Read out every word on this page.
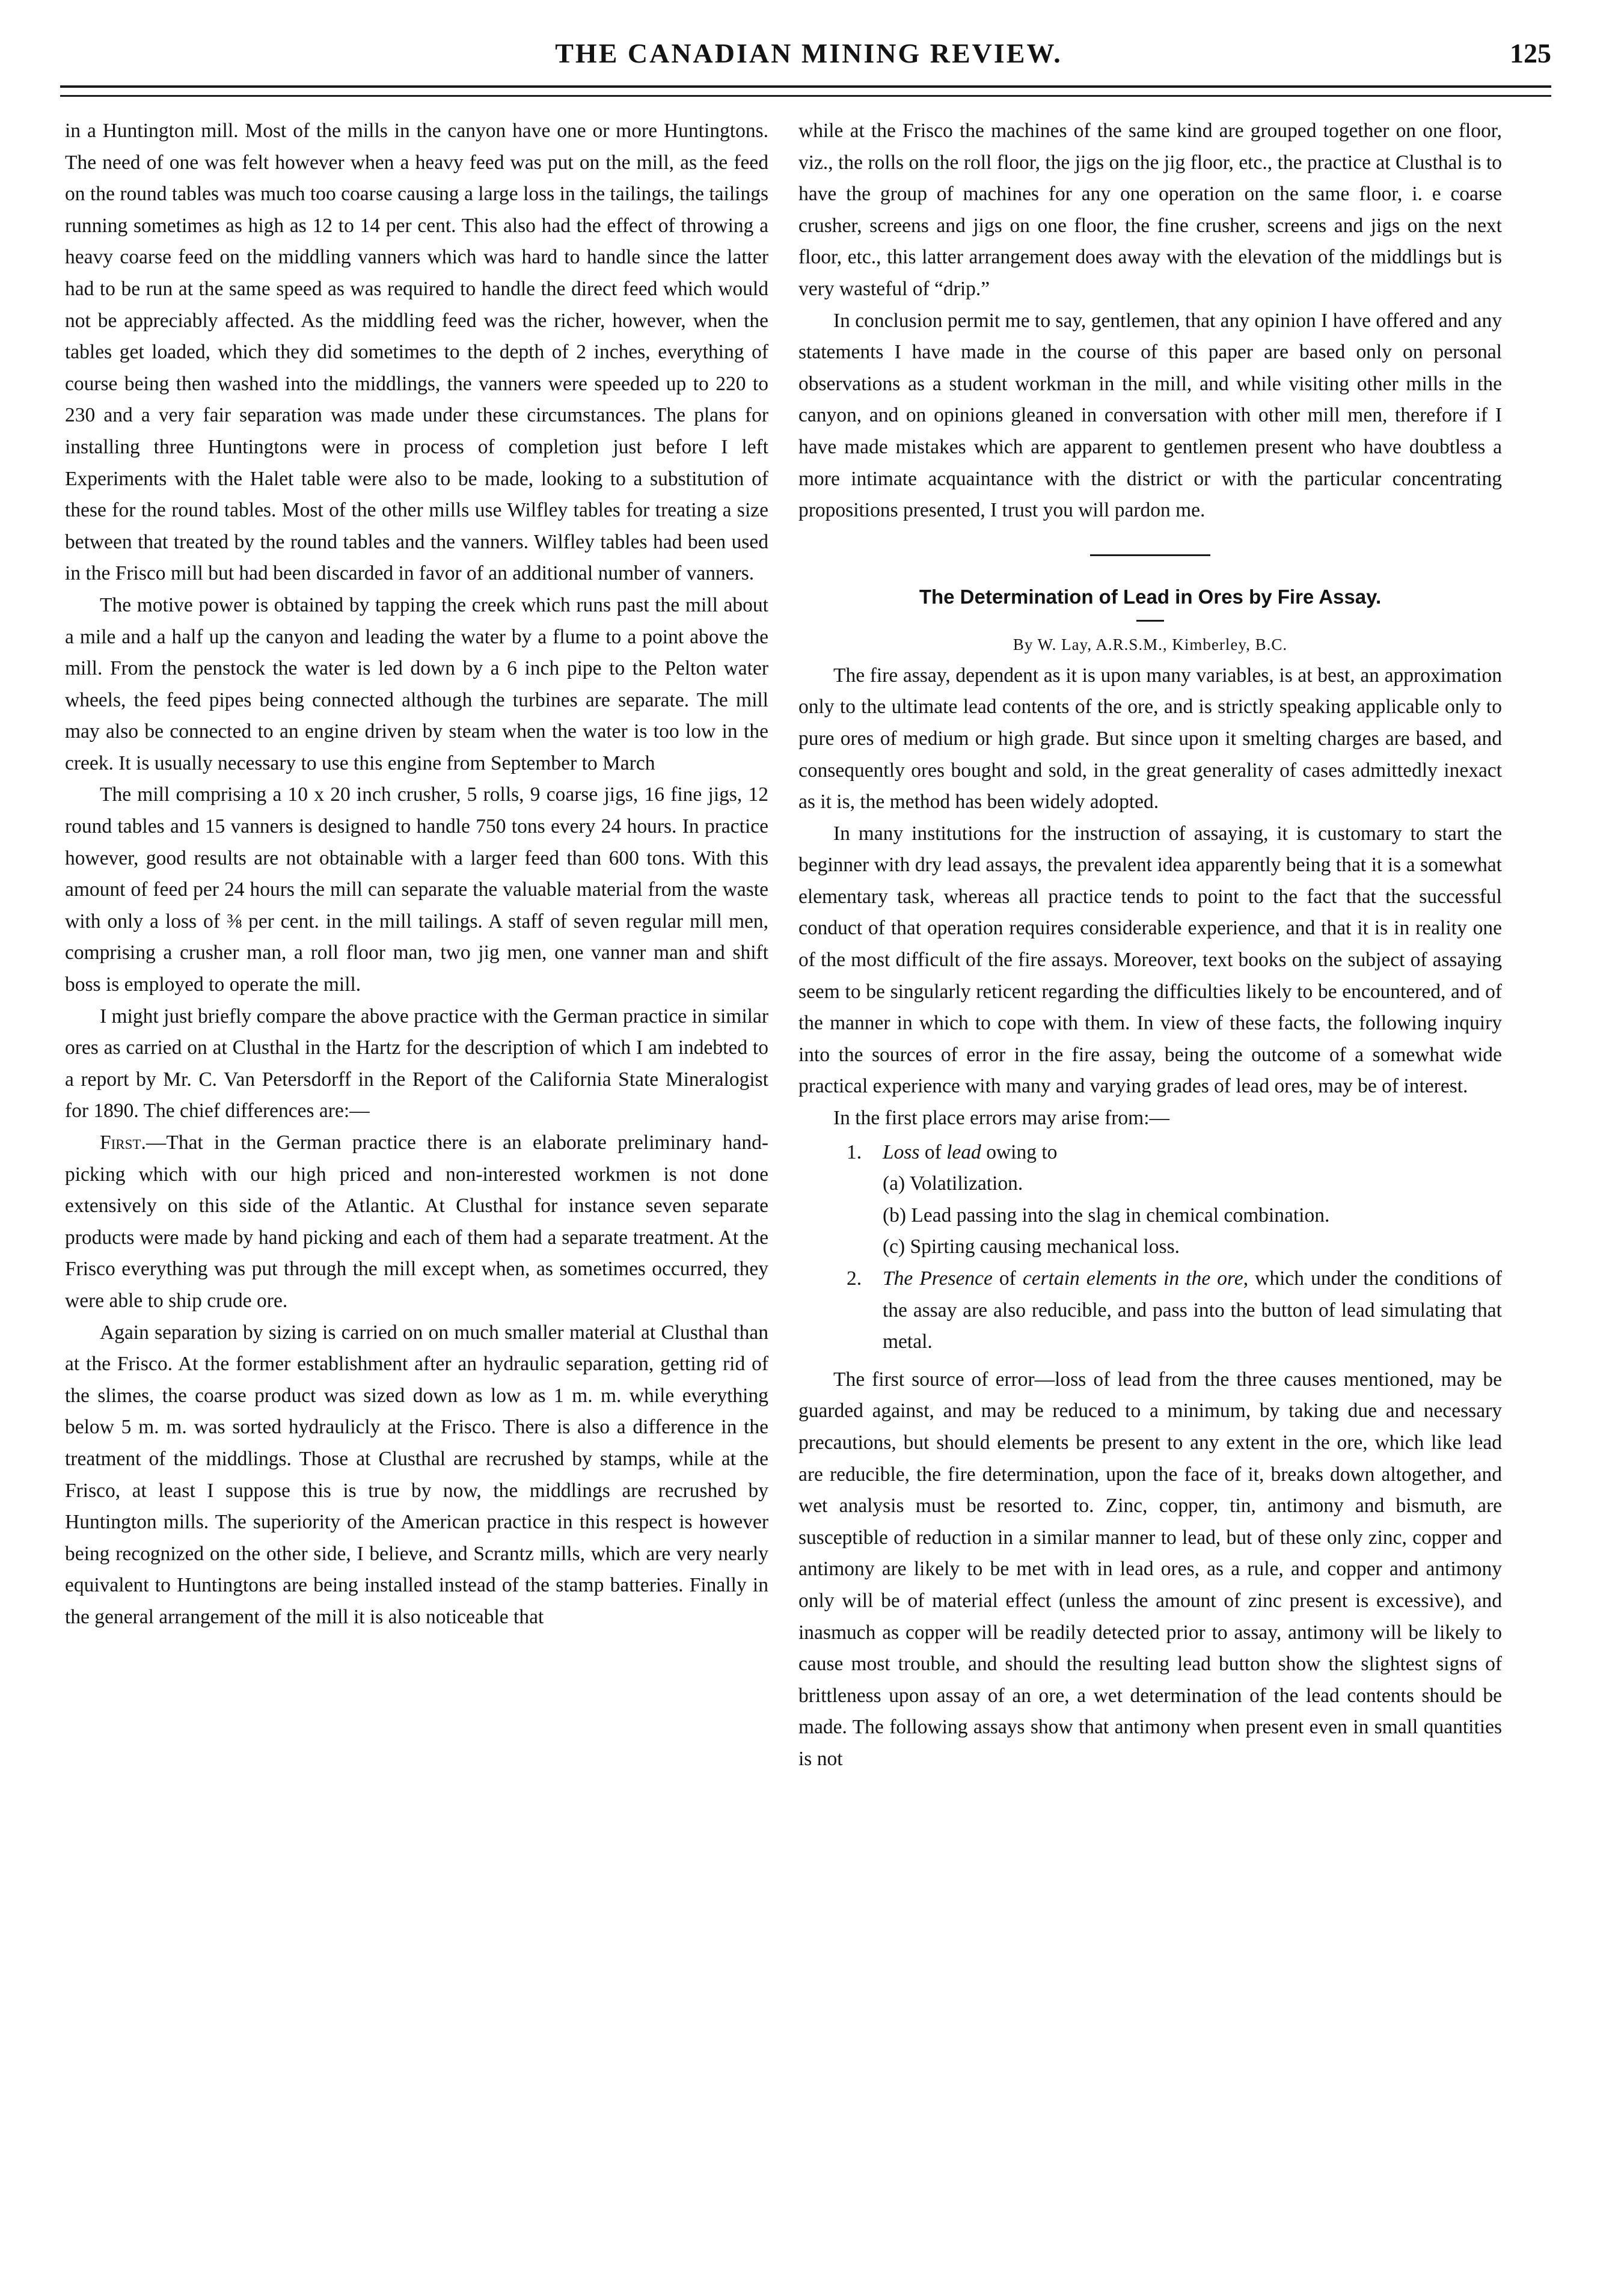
THE CANADIAN MINING REVIEW.	125

in a Huntington mill. Most of the mills in the canyon have one or more Huntingtons. The need of one was felt however when a heavy feed was put on the mill, as the feed on the round tables was much too coarse causing a large loss in the tailings, the tailings running sometimes as high as 12 to 14 per cent. This also had the effect of throwing a heavy coarse feed on the middling vanners which was hard to handle since the latter had to be run at the same speed as was required to handle the direct feed which would not be appreciably affected. As the middling feed was the richer, however, when the tables get loaded, which they did sometimes to the depth of 2 inches, everything of course being then washed into the middlings, the vanners were speeded up to 220 to 230 and a very fair separation was made under these circumstances. The plans for installing three Huntingtons were in process of completion just before I left Experiments with the Halet table were also to be made, looking to a substitution of these for the round tables. Most of the other mills use Wilfley tables for treating a size between that treated by the round tables and the vanners. Wilfley tables had been used in the Frisco mill but had been discarded in favor of an additional number of vanners.

The motive power is obtained by tapping the creek which runs past the mill about a mile and a half up the canyon and leading the water by a flume to a point above the mill. From the penstock the water is led down by a 6 inch pipe to the Pelton water wheels, the feed pipes being connected although the turbines are separate. The mill may also be connected to an engine driven by steam when the water is too low in the creek. It is usually necessary to use this engine from September to March

The mill comprising a 10 x 20 inch crusher, 5 rolls, 9 coarse jigs, 16 fine jigs, 12 round tables and 15 vanners is designed to handle 750 tons every 24 hours. In practice however, good results are not obtainable with a larger feed than 600 tons. With this amount of feed per 24 hours the mill can separate the valuable material from the waste with only a loss of ⅜ per cent. in the mill tailings. A staff of seven regular mill men, comprising a crusher man, a roll floor man, two jig men, one vanner man and shift boss is employed to operate the mill.

I might just briefly compare the above practice with the German practice in similar ores as carried on at Clusthal in the Hartz for the description of which I am indebted to a report by Mr. C. Van Petersdorff in the Report of the California State Mineralogist for 1890. The chief differences are:—

First.—That in the German practice there is an elaborate preliminary hand-picking which with our high priced and non-interested workmen is not done extensively on this side of the Atlantic. At Clusthal for instance seven separate products were made by hand picking and each of them had a separate treatment. At the Frisco everything was put through the mill except when, as sometimes occurred, they were able to ship crude ore.

Again separation by sizing is carried on on much smaller material at Clusthal than at the Frisco. At the former establishment after an hydraulic separation, getting rid of the slimes, the coarse product was sized down as low as 1 m. m. while everything below 5 m. m. was sorted hydraulicly at the Frisco. There is also a difference in the treatment of the middlings. Those at Clusthal are recrushed by stamps, while at the Frisco, at least I suppose this is true by now, the middlings are recrushed by Huntington mills. The superiority of the American practice in this respect is however being recognized on the other side, I believe, and Scrantz mills, which are very nearly equivalent to Huntingtons are being installed instead of the stamp batteries. Finally in the general arrangement of the mill it is also noticeable that

while at the Frisco the machines of the same kind are grouped together on one floor, viz., the rolls on the roll floor, the jigs on the jig floor, etc., the practice at Clusthal is to have the group of machines for any one operation on the same floor, i. e coarse crusher, screens and jigs on one floor, the fine crusher, screens and jigs on the next floor, etc., this latter arrangement does away with the elevation of the middlings but is very wasteful of “drip.”

In conclusion permit me to say, gentlemen, that any opinion I have offered and any statements I have made in the course of this paper are based only on personal observations as a student workman in the mill, and while visiting other mills in the canyon, and on opinions gleaned in conversation with other mill men, therefore if I have made mistakes which are apparent to gentlemen present who have doubtless a more intimate acquaintance with the district or with the particular concentrating propositions presented, I trust you will pardon me.

The Determination of Lead in Ores by Fire Assay.
By W. Lay, A.R.S.M., Kimberley, B.C.

The fire assay, dependent as it is upon many variables, is at best, an approximation only to the ultimate lead contents of the ore, and is strictly speaking applicable only to pure ores of medium or high grade. But since upon it smelting charges are based, and consequently ores bought and sold, in the great generality of cases admittedly inexact as it is, the method has been widely adopted.

In many institutions for the instruction of assaying, it is customary to start the beginner with dry lead assays, the prevalent idea apparently being that it is a somewhat elementary task, whereas all practice tends to point to the fact that the successful conduct of that operation requires considerable experience, and that it is in reality one of the most difficult of the fire assays. Moreover, text books on the subject of assaying seem to be singularly reticent regarding the difficulties likely to be encountered, and of the manner in which to cope with them. In view of these facts, the following inquiry into the sources of error in the fire assay, being the outcome of a somewhat wide practical experience with many and varying grades of lead ores, may be of interest.

In the first place errors may arise from:—

1. Loss of lead owing to
(a) Volatilization.
(b) Lead passing into the slag in chemical combination.
(c) Spirting causing mechanical loss.
2. The Presence of certain elements in the ore, which under the conditions of the assay are also reducible, and pass into the button of lead simulating that metal.

The first source of error—loss of lead from the three causes mentioned, may be guarded against, and may be reduced to a minimum, by taking due and necessary precautions, but should elements be present to any extent in the ore, which like lead are reducible, the fire determination, upon the face of it, breaks down altogether, and wet analysis must be resorted to. Zinc, copper, tin, antimony and bismuth, are susceptible of reduction in a similar manner to lead, but of these only zinc, copper and antimony are likely to be met with in lead ores, as a rule, and copper and antimony only will be of material effect (unless the amount of zinc present is excessive), and inasmuch as copper will be readily detected prior to assay, antimony will be likely to cause most trouble, and should the resulting lead button show the slightest signs of brittleness upon assay of an ore, a wet determination of the lead contents should be made. The following assays show that antimony when present even in small quantities is not
